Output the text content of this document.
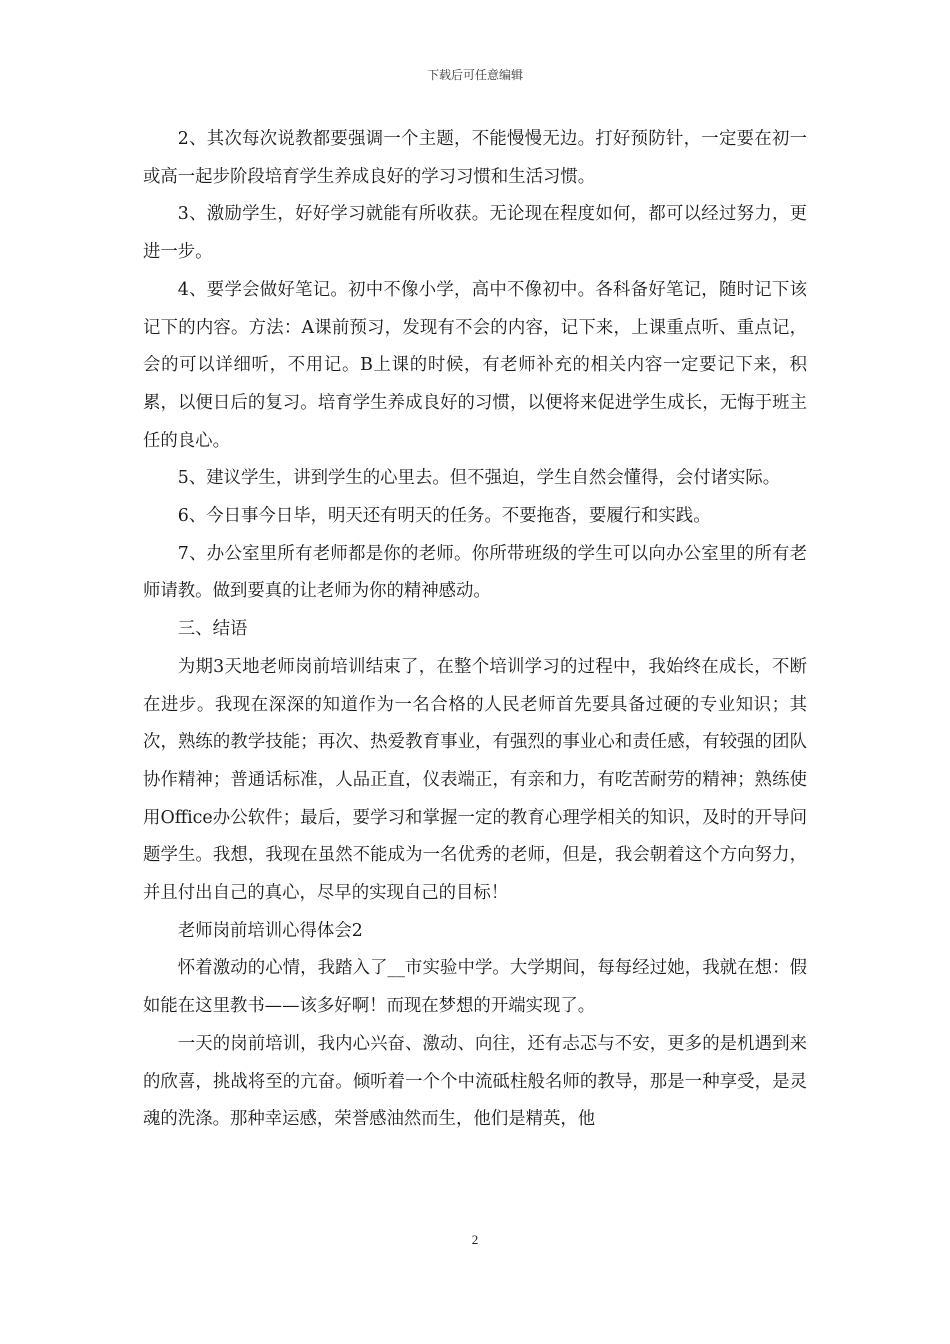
下载后可任意编辑

2、其次每次说教都要强调一个主题，不能慢慢无边。打好预防针，一定要在初一或高一起步阶段培育学生养成良好的学习习惯和生活习惯。

3、激励学生，好好学习就能有所收获。无论现在程度如何，都可以经过努力，更进一步。

4、要学会做好笔记。初中不像小学，高中不像初中。各科备好笔记，随时记下该记下的内容。方法：A课前预习，发现有不会的内容，记下来，上课重点听、重点记，会的可以详细听，不用记。B上课的时候，有老师补充的相关内容一定要记下来，积累，以便日后的复习。培育学生养成良好的习惯，以便将来促进学生成长，无悔于班主任的良心。

5、建议学生，讲到学生的心里去。但不强迫，学生自然会懂得，会付诸实际。

6、今日事今日毕，明天还有明天的任务。不要拖沓，要履行和实践。

7、办公室里所有老师都是你的老师。你所带班级的学生可以向办公室里的所有老师请教。做到要真的让老师为你的精神感动。

三、结语

为期3天地老师岗前培训结束了，在整个培训学习的过程中，我始终在成长，不断在进步。我现在深深的知道作为一名合格的人民老师首先要具备过硬的专业知识；其次，熟练的教学技能；再次、热爱教育事业，有强烈的事业心和责任感，有较强的团队协作精神；普通话标准，人品正直，仪表端正，有亲和力，有吃苦耐劳的精神；熟练使用Office办公软件；最后，要学习和掌握一定的教育心理学相关的知识，及时的开导问题学生。我想，我现在虽然不能成为一名优秀的老师，但是，我会朝着这个方向努力，并且付出自己的真心，尽早的实现自己的目标！

老师岗前培训心得体会2

怀着激动的心情，我踏入了__市实验中学。大学期间，每每经过她，我就在想：假如能在这里教书——该多好啊！而现在梦想的开端实现了。

一天的岗前培训，我内心兴奋、激动、向往，还有忐忑与不安，更多的是机遇到来的欣喜，挑战将至的亢奋。倾听着一个个中流砥柱般名师的教导，那是一种享受，是灵魂的洗涤。那种幸运感，荣誉感油然而生，他们是精英，他

2
